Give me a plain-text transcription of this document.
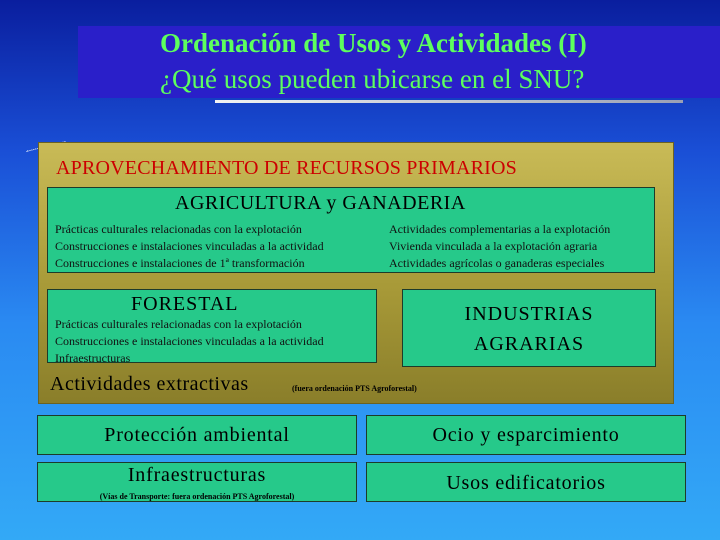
Ordenación de Usos y Actividades (I)
¿Qué usos pueden ubicarse en el SNU?
APROVECHAMIENTO DE RECURSOS PRIMARIOS
AGRICULTURA y GANADERIA
Prácticas culturales relacionadas con la explotación
Construcciones e instalaciones vinculadas a la actividad
Construcciones e instalaciones de 1ª transformación
Actividades complementarias a la explotación
Vivienda vinculada a la explotación agraria
Actividades agrícolas o ganaderas especiales
FORESTAL
Prácticas culturales relacionadas con la explotación
Construcciones e instalaciones vinculadas a la actividad
Infraestructuras
INDUSTRIAS
AGRARIAS
Actividades extractivas	(fuera ordenación PTS Agroforestal)
Protección ambiental	Ocio y esparcimiento
Infraestructuras
(Vías de Transporte: fuera ordenación PTS Agroforestal)
Usos edificatorios
